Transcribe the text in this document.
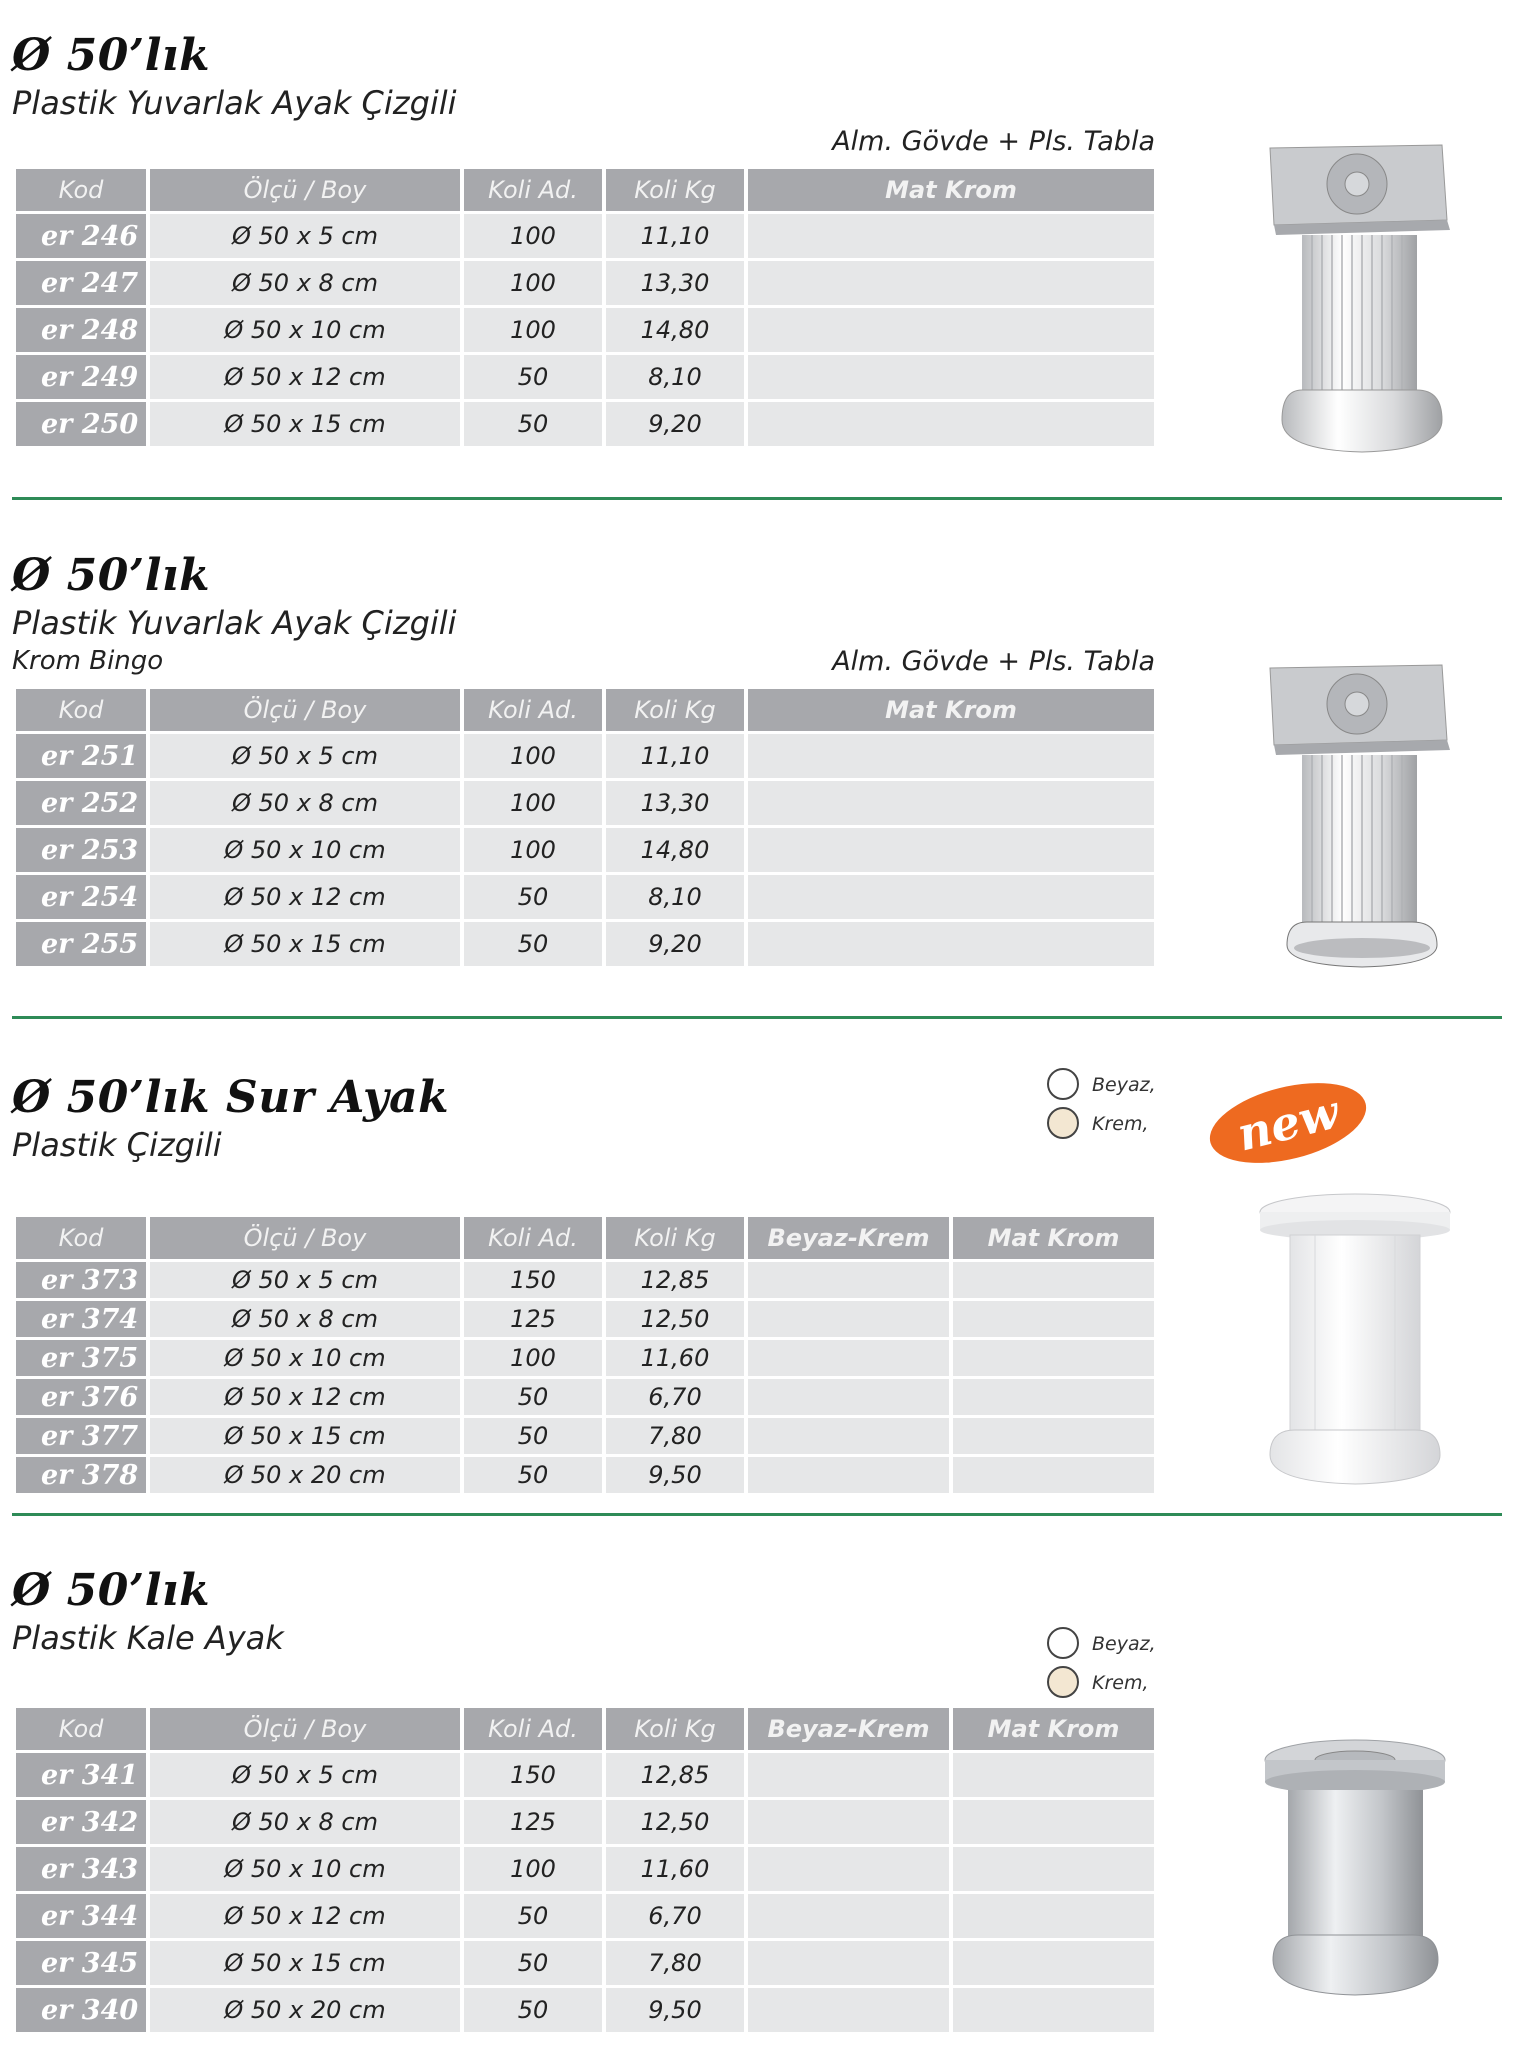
Ø 50’lık
Plastik Yuvarlak Ayak Çizgili
Alm. Gövde + Pls. Tabla
Kod	Ölçü / Boy	Koli Ad.	Koli Kg	Mat Krom
er 246	Ø 50 x 5 cm	100	11,10	
er 247	Ø 50 x 8 cm	100	13,30	
er 248	Ø 50 x 10 cm	100	14,80	
er 249	Ø 50 x 12 cm	50	8,10	
er 250	Ø 50 x 15 cm	50	9,20	
Ø 50’lık
Plastik Yuvarlak Ayak Çizgili
Krom Bingo	Alm. Gövde + Pls. Tabla
Kod	Ölçü / Boy	Koli Ad.	Koli Kg	Mat Krom
er 251	Ø 50 x 5 cm	100	11,10	
er 252	Ø 50 x 8 cm	100	13,30	
er 253	Ø 50 x 10 cm	100	14,80	
er 254	Ø 50 x 12 cm	50	8,10	
er 255	Ø 50 x 15 cm	50	9,20	
Ø 50’lık Sur Ayak
Plastik Çizgili
Beyaz,
Krem, new
Kod	Ölçü / Boy	Koli Ad.	Koli Kg	Beyaz-Krem	Mat Krom
er 373	Ø 50 x 5 cm	150	12,85		
er 374	Ø 50 x 8 cm	125	12,50		
er 375	Ø 50 x 10 cm	100	11,60		
er 376	Ø 50 x 12 cm	50	6,70		
er 377	Ø 50 x 15 cm	50	7,80		
er 378	Ø 50 x 20 cm	50	9,50		
Ø 50’lık
Plastik Kale Ayak	Beyaz,
Krem,
Kod	Ölçü / Boy	Koli Ad.	Koli Kg	Beyaz-Krem	Mat Krom
er 341	Ø 50 x 5 cm	150	12,85		
er 342	Ø 50 x 8 cm	125	12,50		
er 343	Ø 50 x 10 cm	100	11,60		
er 344	Ø 50 x 12 cm	50	6,70		
er 345	Ø 50 x 15 cm	50	7,80		
er 340	Ø 50 x 20 cm	50	9,50		
